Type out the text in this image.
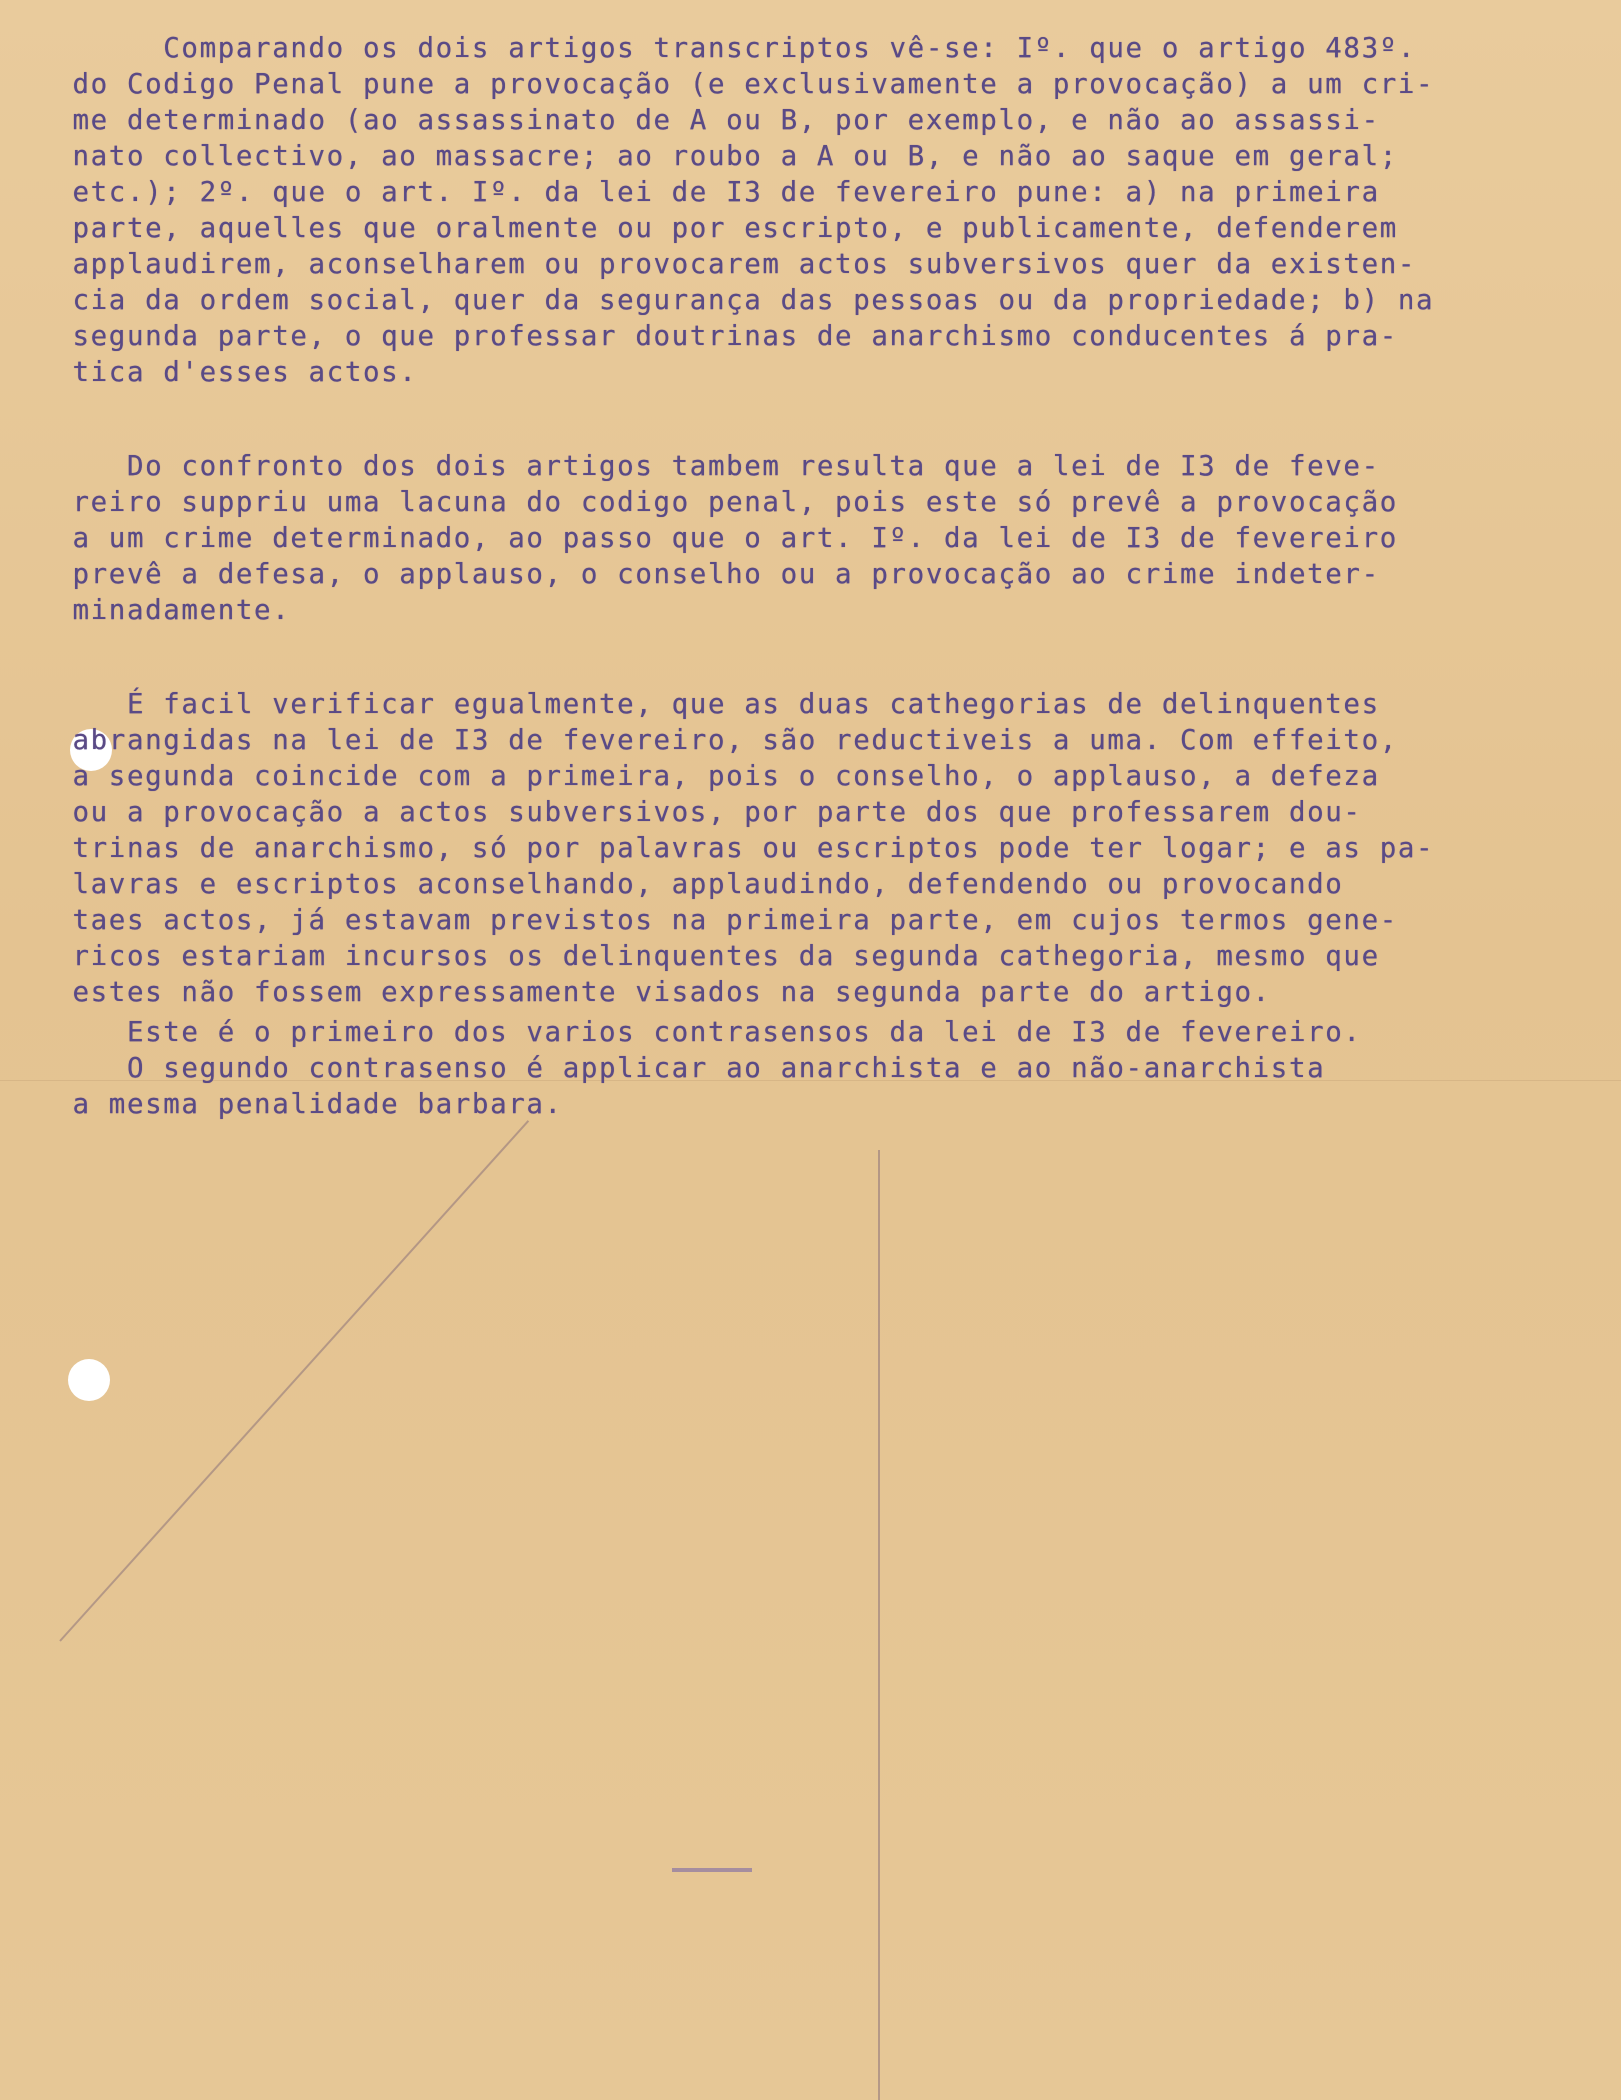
Comparando os dois artigos transcriptos vê-se: Iº. que o artigo 483º.
do Codigo Penal pune a provocação (e exclusivamente a provocação) a um cri-
me determinado (ao assassinato de A ou B, por exemplo, e não ao assassi-
nato collectivo, ao massacre; ao roubo a A ou B, e não ao saque em geral;
etc.); 2º. que o art. Iº. da lei de I3 de fevereiro pune: a) na primeira
parte, aquelles que oralmente ou por escripto, e publicamente, defenderem
applaudirem, aconselharem ou provocarem actos subversivos quer da existen-
cia da ordem social, quer da segurança das pessoas ou da propriedade; b) na
segunda parte, o que professar doutrinas de anarchismo conducentes á pra-
tica d'esses actos.
Do confronto dos dois artigos tambem resulta que a lei de I3 de feve-
reiro suppriu uma lacuna do codigo penal, pois este só prevê a provocação
a um crime determinado, ao passo que o art. Iº. da lei de I3 de fevereiro
prevê a defesa, o applauso, o conselho ou a provocação ao crime indeter-
minadamente.
É facil verificar egualmente, que as duas cathegorias de delinquentes
abrangidas na lei de I3 de fevereiro, são reductiveis a uma. Com effeito,
a segunda coincide com a primeira, pois o conselho, o applauso, a defeza
ou a provocação a actos subversivos, por parte dos que professarem dou-
trinas de anarchismo, só por palavras ou escriptos pode ter logar; e as pa-
lavras e escriptos aconselhando, applaudindo, defendendo ou provocando
taes actos, já estavam previstos na primeira parte, em cujos termos gene-
ricos estariam incursos os delinquentes da segunda cathegoria, mesmo que
estes não fossem expressamente visados na segunda parte do artigo.
Este é o primeiro dos varios contrasensos da lei de I3 de fevereiro.
O segundo contrasenso é applicar ao anarchista e ao não-anarchista
a mesma penalidade barbara.
